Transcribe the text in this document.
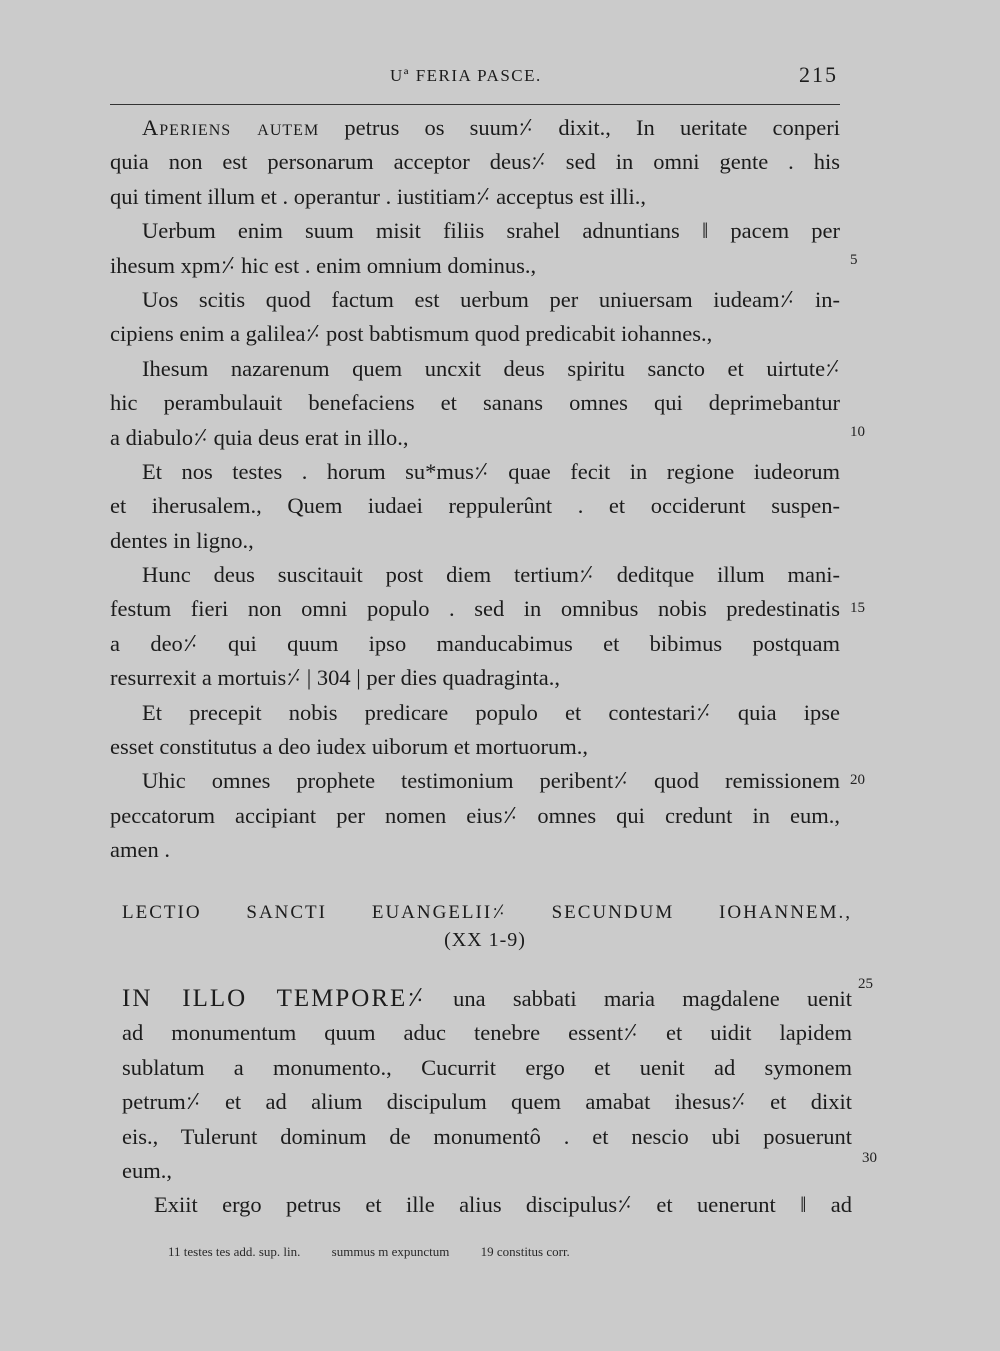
Uª FERIA PASCE.	215
Aperiens autem petrus os suum⸓ dixit., In ueritate conperi
quia non est personarum acceptor deus⸓ sed in omni gente . his
qui timent illum et . operantur . iustitiam⸓ acceptus est illi.,
Uerbum enim suum misit filiis srahel adnuntians ‖ pacem per
ihesum xpm⸓ hic est . enim omnium dominus.,
Uos scitis quod factum est uerbum per uniuersam iudeam⸓ in-
cipiens enim a galilea⸓ post babtismum quod predicabit iohannes.,
Ihesum nazarenum quem uncxit deus spiritu sancto et uirtute⸓
hic perambulauit benefaciens et sanans omnes qui deprimebantur
a diabulo⸓ quia deus erat in illo.,
Et nos testes . horum su*mus⸓ quae fecit in regione iudeorum
et iherusalem., Quem iudaei reppulerûnt . et occiderunt suspen-
dentes in ligno.,
Hunc deus suscitauit post diem tertium⸓ deditque illum mani-
festum fieri non omni populo . sed in omnibus nobis predestinatis
a deo⸓ qui quum ipso manducabimus et bibimus postquam
resurrexit a mortuis⸓ | 304 | per dies quadraginta.,
Et precepit nobis predicare populo et contestari⸓ quia ipse
esset constitutus a deo iudex uiborum et mortuorum.,
Uhic omnes prophete testimonium peribent⸓ quod remissionem
peccatorum accipiant per nomen eius⸓ omnes qui credunt in eum.,
amen .
5
10
15
20
LECTIO SANCTI EUANGELII⸓ SECUNDUM IOHANNEM.,
(XX 1-9)
IN ILLO TEMPORE⸓ una sabbati maria magdalene uenit
ad monumentum quum aduc tenebre essent⸓ et uidit lapidem
sublatum a monumento., Cucurrit ergo et uenit ad symonem
petrum⸓ et ad alium discipulum quem amabat ihesus⸓ et dixit
eis., Tulerunt dominum de monumentô . et nescio ubi posuerunt
eum.,
Exiit ergo petrus et ille alius discipulus⸓ et uenerunt ‖ ad
25
30
11 testes tes add. sup. lin. summus m expunctum 19 constitus corr.
